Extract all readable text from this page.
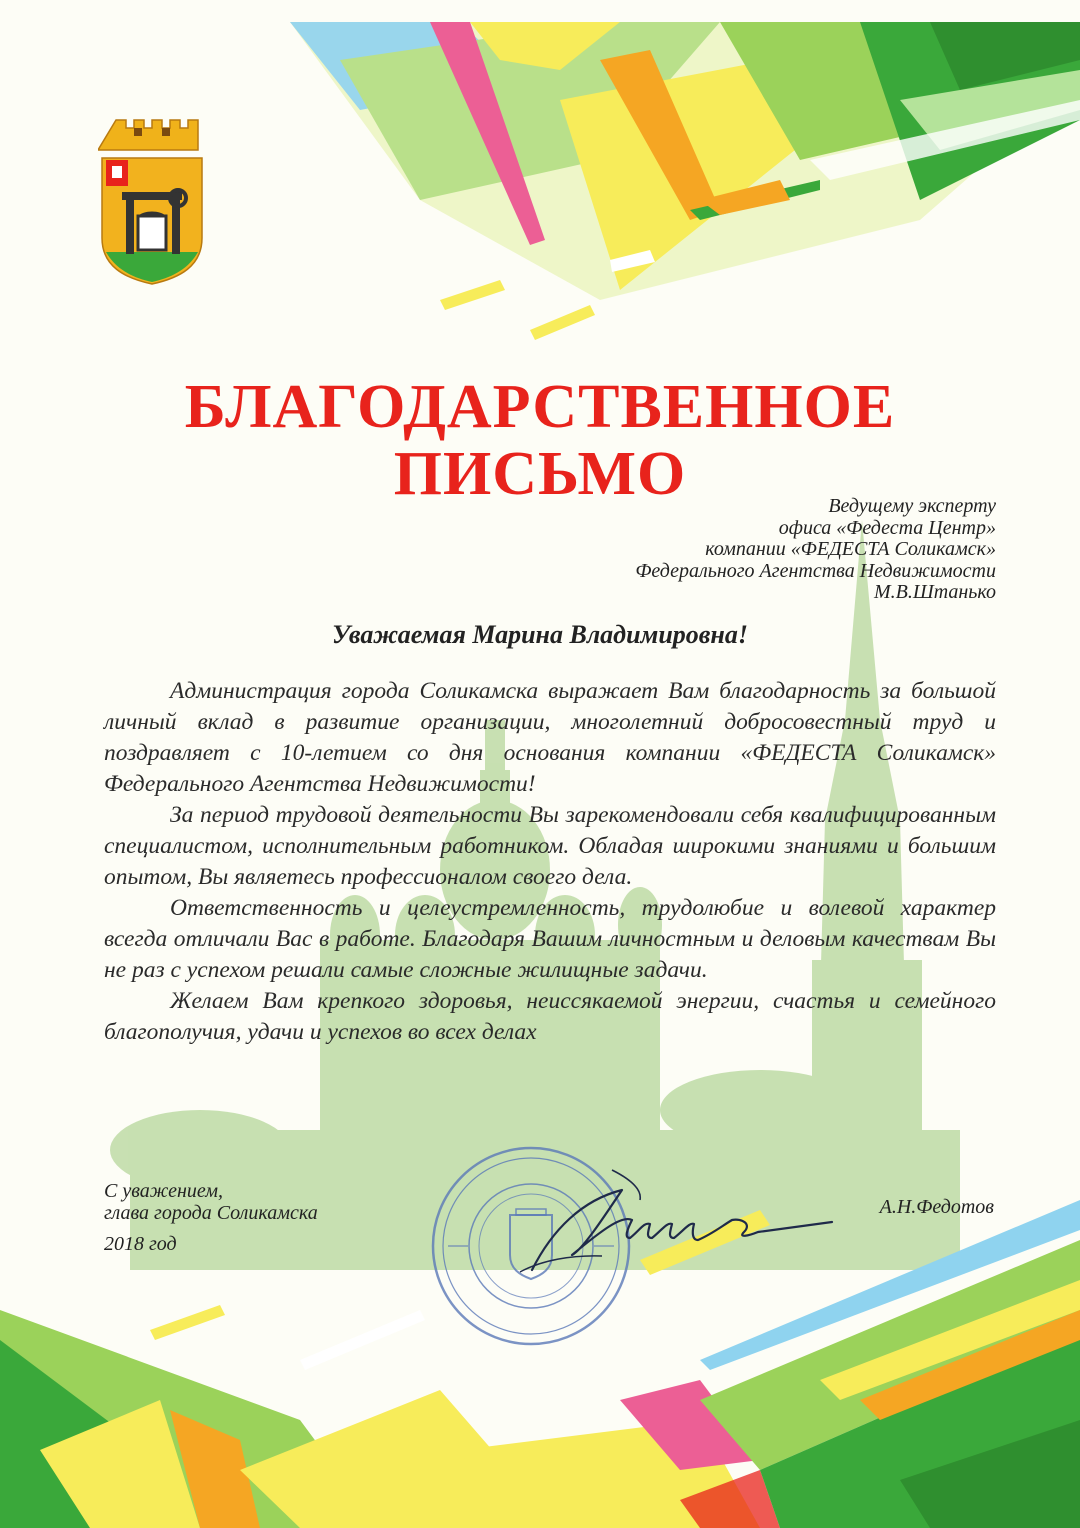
БЛАГОДАРСТВЕННОЕ
ПИСЬМО	Ведущему эксперту
офиса «Федеста Центр»
компании «ФЕДЕСТА Соликамск»
Федерального Агентства Недвижимости
М.В.Штанько
Уважаемая Марина Владимировна!

Администрация города Соликамска выражает Вам благодарность за большой личный вклад в развитие организации, многолетний добросовестный труд и поздравляет с 10-летием со дня основания компании «ФЕДЕСТА Соликамск» Федерального Агентства Недвижимости!

За период трудовой деятельности Вы зарекомендовали себя квалифицированным специалистом, исполнительным работником. Обладая широкими знаниями и большим опытом, Вы являетесь профессионалом своего дела.

Ответственность и целеустремленность, трудолюбие и волевой характер всегда отличали Вас в работе. Благодаря Вашим личностным и деловым качествам Вы не раз с успехом решали самые сложные жилищные задачи.

Желаем Вам крепкого здоровья, неиссякаемой энергии, счастья и семейного благополучия, удачи и успехов во всех делах

С уважением,
глава города Соликамска
2018 год
А.Н.Федотов
